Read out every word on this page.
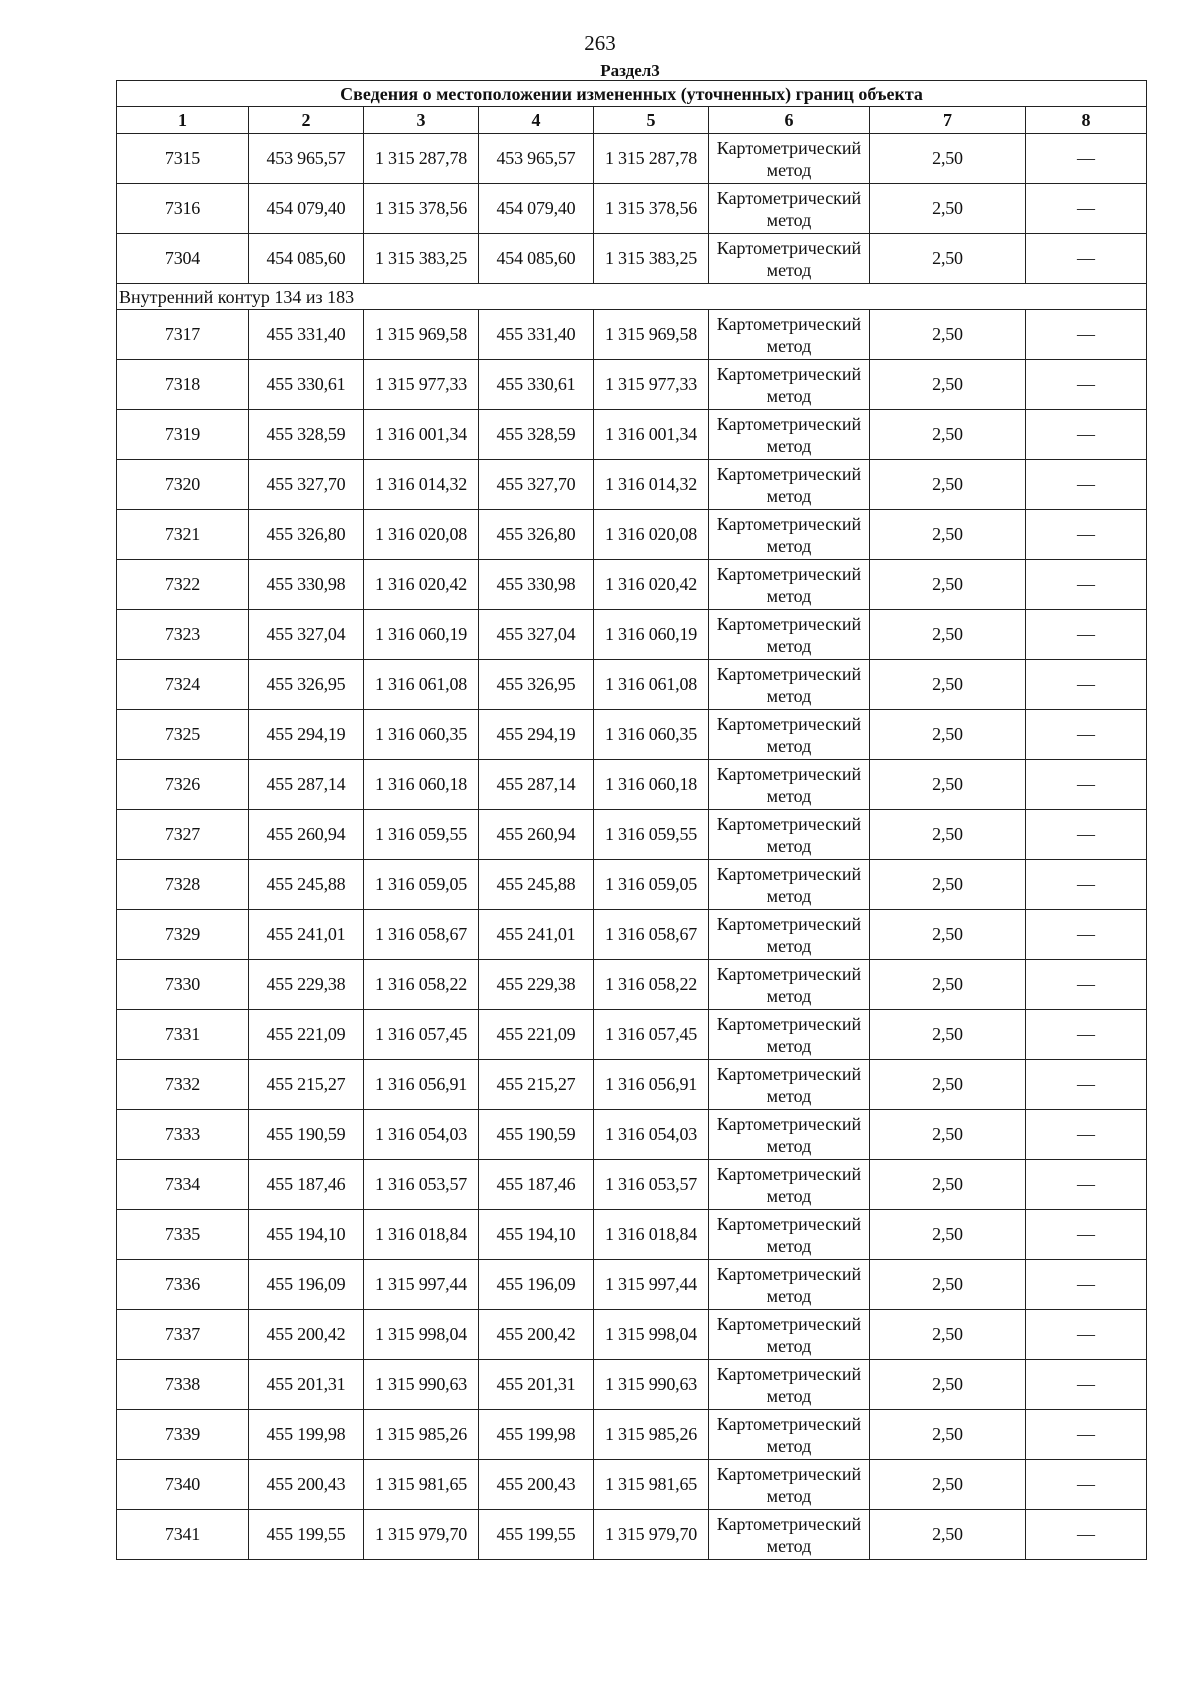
263
Раздел3
Сведения о местоположении измененных (уточненных) границ объекта							
1	2	3	4	5	6	7	8
7315	453 965,57	1 315 287,78	453 965,57	1 315 287,78	Картометрический метод	2,50	—
7316	454 079,40	1 315 378,56	454 079,40	1 315 378,56	Картометрический метод	2,50	—
7304	454 085,60	1 315 383,25	454 085,60	1 315 383,25	Картометрический метод	2,50	—
Внутренний контур 134 из 183							
7317	455 331,40	1 315 969,58	455 331,40	1 315 969,58	Картометрический метод	2,50	—
7318	455 330,61	1 315 977,33	455 330,61	1 315 977,33	Картометрический метод	2,50	—
7319	455 328,59	1 316 001,34	455 328,59	1 316 001,34	Картометрический метод	2,50	—
7320	455 327,70	1 316 014,32	455 327,70	1 316 014,32	Картометрический метод	2,50	—
7321	455 326,80	1 316 020,08	455 326,80	1 316 020,08	Картометрический метод	2,50	—
7322	455 330,98	1 316 020,42	455 330,98	1 316 020,42	Картометрический метод	2,50	—
7323	455 327,04	1 316 060,19	455 327,04	1 316 060,19	Картометрический метод	2,50	—
7324	455 326,95	1 316 061,08	455 326,95	1 316 061,08	Картометрический метод	2,50	—
7325	455 294,19	1 316 060,35	455 294,19	1 316 060,35	Картометрический метод	2,50	—
7326	455 287,14	1 316 060,18	455 287,14	1 316 060,18	Картометрический метод	2,50	—
7327	455 260,94	1 316 059,55	455 260,94	1 316 059,55	Картометрический метод	2,50	—
7328	455 245,88	1 316 059,05	455 245,88	1 316 059,05	Картометрический метод	2,50	—
7329	455 241,01	1 316 058,67	455 241,01	1 316 058,67	Картометрический метод	2,50	—
7330	455 229,38	1 316 058,22	455 229,38	1 316 058,22	Картометрический метод	2,50	—
7331	455 221,09	1 316 057,45	455 221,09	1 316 057,45	Картометрический метод	2,50	—
7332	455 215,27	1 316 056,91	455 215,27	1 316 056,91	Картометрический метод	2,50	—
7333	455 190,59	1 316 054,03	455 190,59	1 316 054,03	Картометрический метод	2,50	—
7334	455 187,46	1 316 053,57	455 187,46	1 316 053,57	Картометрический метод	2,50	—
7335	455 194,10	1 316 018,84	455 194,10	1 316 018,84	Картометрический метод	2,50	—
7336	455 196,09	1 315 997,44	455 196,09	1 315 997,44	Картометрический метод	2,50	—
7337	455 200,42	1 315 998,04	455 200,42	1 315 998,04	Картометрический метод	2,50	—
7338	455 201,31	1 315 990,63	455 201,31	1 315 990,63	Картометрический метод	2,50	—
7339	455 199,98	1 315 985,26	455 199,98	1 315 985,26	Картометрический метод	2,50	—
7340	455 200,43	1 315 981,65	455 200,43	1 315 981,65	Картометрический метод	2,50	—
7341	455 199,55	1 315 979,70	455 199,55	1 315 979,70	Картометрический метод	2,50	—
